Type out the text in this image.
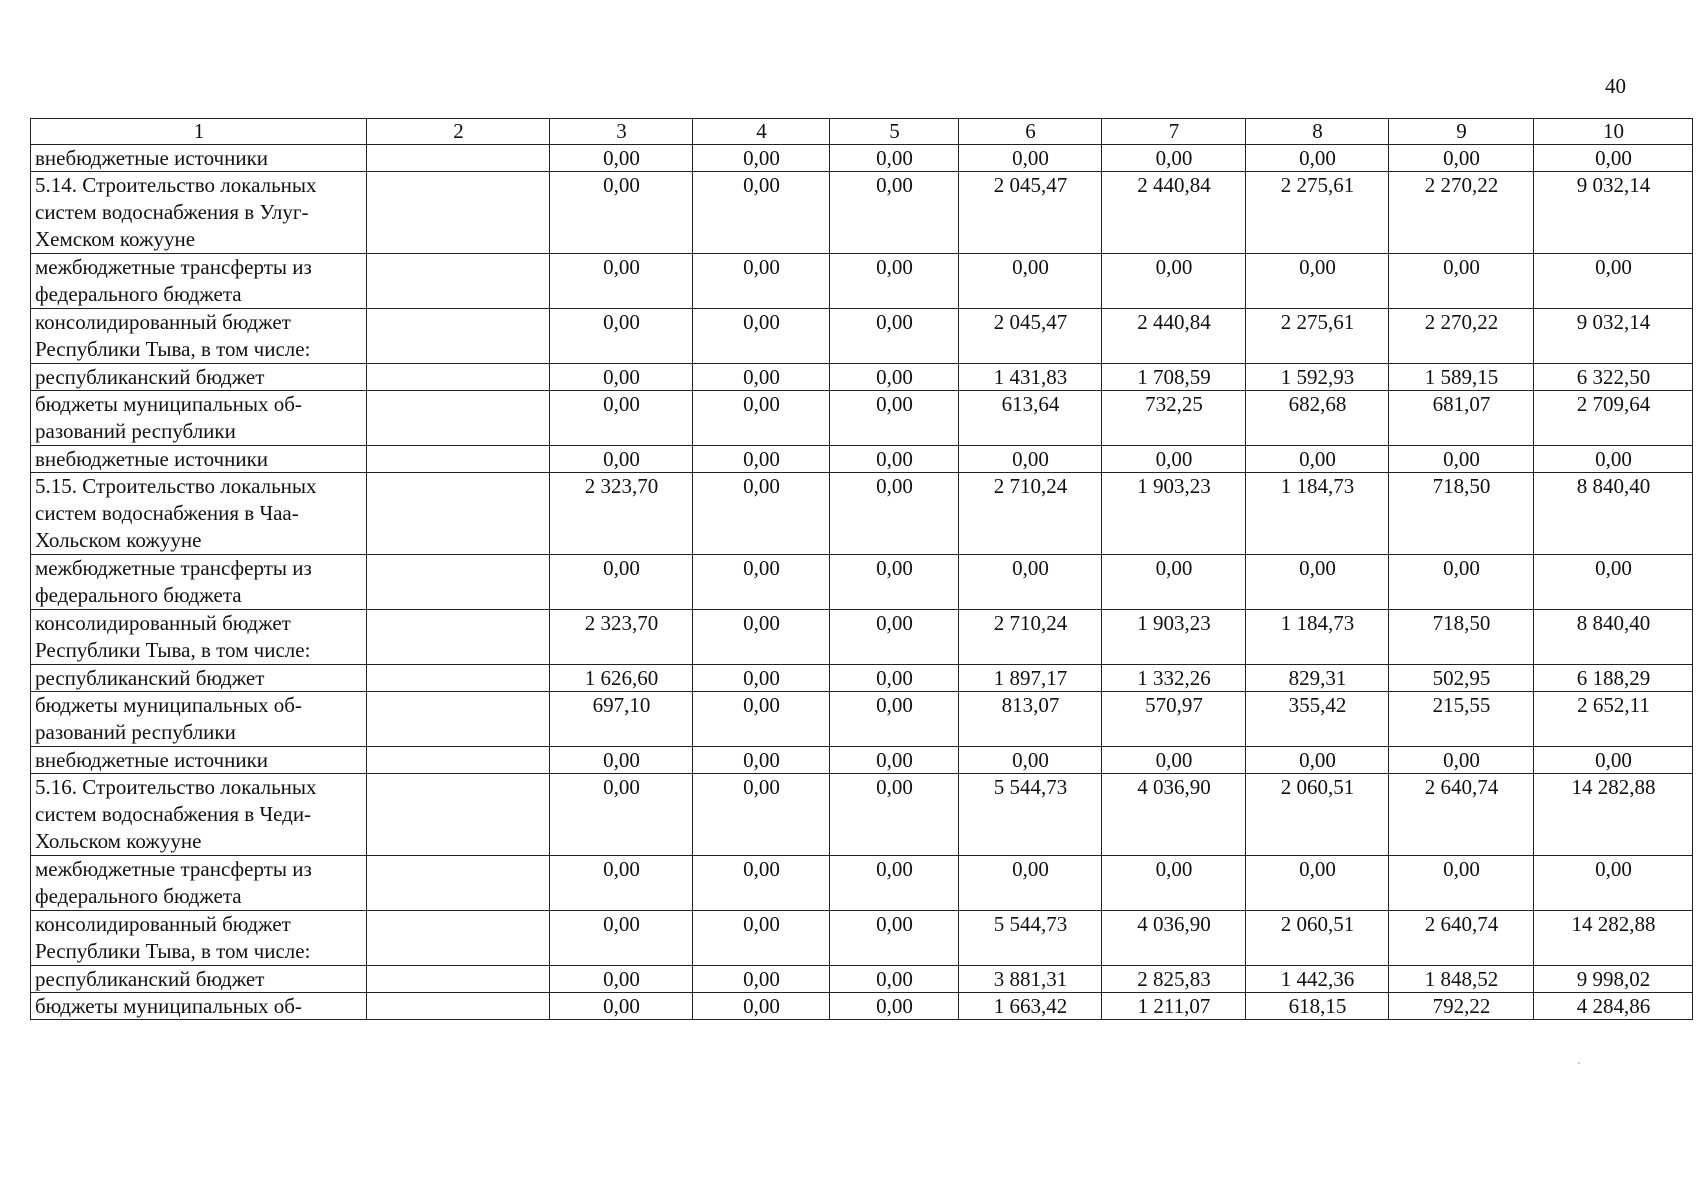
40
1	2	3	4	5	6	7	8	9	10
внебюджетные источники		0,00	0,00	0,00	0,00	0,00	0,00	0,00	0,00
5.14. Строительство локальных систем водоснабжения в Улуг-Хемском кожууне		0,00	0,00	0,00	2 045,47	2 440,84	2 275,61	2 270,22	9 032,14
межбюджетные трансферты из федерального бюджета		0,00	0,00	0,00	0,00	0,00	0,00	0,00	0,00
консолидированный бюджет Республики Тыва, в том числе:		0,00	0,00	0,00	2 045,47	2 440,84	2 275,61	2 270,22	9 032,14
республиканский бюджет		0,00	0,00	0,00	1 431,83	1 708,59	1 592,93	1 589,15	6 322,50
бюджеты муниципальных об-разований республики		0,00	0,00	0,00	613,64	732,25	682,68	681,07	2 709,64
внебюджетные источники		0,00	0,00	0,00	0,00	0,00	0,00	0,00	0,00
5.15. Строительство локальных систем водоснабжения в Чаа-Хольском кожууне		2 323,70	0,00	0,00	2 710,24	1 903,23	1 184,73	718,50	8 840,40
межбюджетные трансферты из федерального бюджета		0,00	0,00	0,00	0,00	0,00	0,00	0,00	0,00
консолидированный бюджет Республики Тыва, в том числе:		2 323,70	0,00	0,00	2 710,24	1 903,23	1 184,73	718,50	8 840,40
республиканский бюджет		1 626,60	0,00	0,00	1 897,17	1 332,26	829,31	502,95	6 188,29
бюджеты муниципальных об-разований республики		697,10	0,00	0,00	813,07	570,97	355,42	215,55	2 652,11
внебюджетные источники		0,00	0,00	0,00	0,00	0,00	0,00	0,00	0,00
5.16. Строительство локальных систем водоснабжения в Чеди-Хольском кожууне		0,00	0,00	0,00	5 544,73	4 036,90	2 060,51	2 640,74	14 282,88
межбюджетные трансферты из федерального бюджета		0,00	0,00	0,00	0,00	0,00	0,00	0,00	0,00
консолидированный бюджет Республики Тыва, в том числе:		0,00	0,00	0,00	5 544,73	4 036,90	2 060,51	2 640,74	14 282,88
республиканский бюджет		0,00	0,00	0,00	3 881,31	2 825,83	1 442,36	1 848,52	9 998,02
бюджеты муниципальных об-		0,00	0,00	0,00	1 663,42	1 211,07	618,15	792,22	4 284,86
